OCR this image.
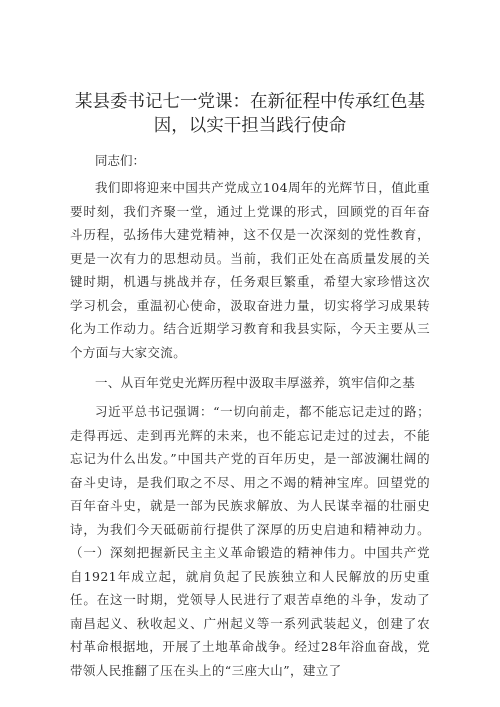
某县委书记七一党课：在新征程中传承红色基因，以实干担当践行使命

同志们：

我们即将迎来中国共产党成立104周年的光辉节日，值此重要时刻，我们齐聚一堂，通过上党课的形式，回顾党的百年奋斗历程，弘扬伟大建党精神，这不仅是一次深刻的党性教育，更是一次有力的思想动员。当前，我们正处在高质量发展的关键时期，机遇与挑战并存，任务艰巨繁重，希望大家珍惜这次学习机会，重温初心使命，汲取奋进力量，切实将学习成果转化为工作动力。结合近期学习教育和我县实际，今天主要从三个方面与大家交流。

一、从百年党史光辉历程中汲取丰厚滋养，筑牢信仰之基

习近平总书记强调：“一切向前走，都不能忘记走过的路；走得再远、走到再光辉的未来，也不能忘记走过的过去，不能忘记为什么出发。”中国共产党的百年历史，是一部波澜壮阔的奋斗史诗，是我们取之不尽、用之不竭的精神宝库。回望党的百年奋斗史，就是一部为民族求解放、为人民谋幸福的壮丽史诗，为我们今天砥砺前行提供了深厚的历史启迪和精神动力。（一）深刻把握新民主主义革命锻造的精神伟力。中国共产党自1921年成立起，就肩负起了民族独立和人民解放的历史重任。在这一时期，党领导人民进行了艰苦卓绝的斗争，发动了南昌起义、秋收起义、广州起义等一系列武装起义，创建了农村革命根据地，开展了土地革命战争。经过28年浴血奋战，党带领人民推翻了压在头上的“三座大山”，建立了
